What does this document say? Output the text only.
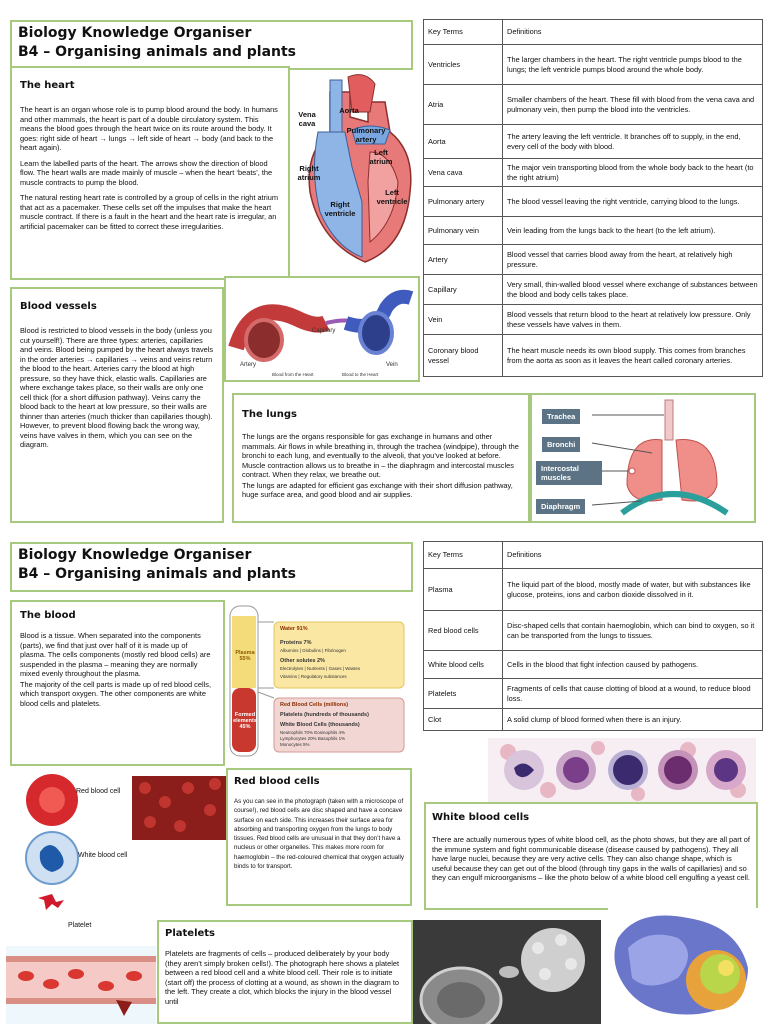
Biology Knowledge Organiser
B4 – Organising animals and plants
The heart

The heart is an organ whose role is to pump blood around the body. In humans and other mammals, the heart is part of a double circulatory system. This means the blood goes through the heart twice on its route around the body. It goes: right side of heart → lungs → left side of heart → body (and back to the heart again).

Learn the labelled parts of the heart. The arrows show the direction of blood flow. The heart walls are made mainly of muscle – when the heart ‘beats’, the muscle contracts to pump the blood.

The natural resting heart rate is controlled by a group of cells in the right atrium that act as a pacemaker. These cells set off the impulses that make the heart muscle contract. If there is a fault in the heart and the heart rate is irregular, an artificial pacemaker can be fitted to correct these irregularities.

Vena cava
Aorta
Pulmonary artery
Left atrium
Right atrium
Left ventricle
Right ventricle
Key Terms	Definitions
Ventricles	The larger chambers in the heart. The right ventricle pumps blood to the lungs; the left ventricle pumps blood around the whole body.
Atria	Smaller chambers of the heart. These fill with blood from the vena cava and pulmonary vein, then pump the blood into the ventricles.
Aorta	The artery leaving the left ventricle. It branches off to supply, in the end, every cell of the body with blood.
Vena cava	The major vein transporting blood from the whole body back to the heart (to the right atrium)
Pulmonary artery	The blood vessel leaving the right ventricle, carrying blood to the lungs.
Pulmonary vein	Vein leading from the lungs back to the heart (to the left atrium).
Artery	Blood vessel that carries blood away from the heart, at relatively high pressure.
Capillary	Very small, thin-walled blood vessel where exchange of substances between the blood and body cells takes place.
Vein	Blood vessels that return blood to the heart at relatively low pressure. Only these vessels have valves in them.
Coronary blood vessel	The heart muscle needs its own blood supply. This comes from branches from the aorta as soon as it leaves the heart called coronary arteries.
Blood vessels

Blood is restricted to blood vessels in the body (unless you cut yourself!). There are three types: arteries, capillaries and veins. Blood being pumped by the heart always travels in the order arteries → capillaries → veins and veins return the blood to the heart. Arteries carry the blood at high pressure, so they have thick, elastic walls. Capillaries are where exchange takes place, so their walls are only one cell thick (for a short diffusion pathway). Veins carry the blood back to the heart at low pressure, so their walls are thinner than arteries (much thicker than capillaries though). However, to prevent blood flowing back the wrong way, veins have valves in them, which you can see on the diagram.

Capillary
Artery	Vein
Blood from the Heart	Blood to the Heart
The lungs

The lungs are the organs responsible for gas exchange in humans and other mammals. Air flows in while breathing in, through the trachea (windpipe), through the bronchi to each lung, and eventually to the alveoli, that you’ve looked at before. Muscle contraction allows us to breathe in – the diaphragm and intercostal muscles contract. When they relax, we breathe out.

The lungs are adapted for efficient gas exchange with their short diffusion pathway, huge surface area, and good blood and air supplies.

Trachea
Bronchi
Intercostal muscles
Diaphragm
Biology Knowledge Organiser
B4 – Organising animals and plants
The blood

Blood is a tissue. When separated into the components (parts), we find that just over half of it is made up of plasma. The cells components (mostly red blood cells) are suspended in the plasma – meaning they are normally mixed evenly throughout the plasma.

The majority of the cell parts is made up of red blood cells, which transport oxygen. The other components are white blood cells and platelets.

Plasma 55%
Formed elements 45%
Water 91%
Proteins 7%
Albumins | Globulins | Fibrinogen
Other solutes 2%
Electrolytes | Nutrients | Gases | Wastes
Vitamins | Regulatory substances
Red Blood Cells (millions)
Platelets (hundreds of thousands)
White Blood Cells (thousands)
Neutrophils 70% Eosinophils 4%
Lymphocytes 20% Basophils 1%
Monocytes 5%
Key Terms	Definitions
Plasma	The liquid part of the blood, mostly made of water, but with substances like glucose, proteins, ions and carbon dioxide dissolved in it.
Red blood cells	Disc-shaped cells that contain haemoglobin, which can bind to oxygen, so it can be transported from the lungs to tissues.
White blood cells	Cells in the blood that fight infection caused by pathogens.
Platelets	Fragments of cells that cause clotting of blood at a wound, to reduce blood loss.
Clot	A solid clump of blood formed when there is an injury.
Red blood cell
White blood cell
Platelet
Red blood cells

As you can see in the photograph (taken with a microscope of course!), red blood cells are disc shaped and have a concave surface on each side. This increases their surface area for absorbing and transporting oxygen from the lungs to body tissues. Red blood cells are unusual in that they don’t have a nucleus or other organelles. This makes more room for haemoglobin – the red-coloured chemical that oxygen actually binds to for transport.

White blood cells

There are actually numerous types of white blood cell, as the photo shows, but they are all part of the immune system and fight communicable disease (disease caused by pathogens). They all have large nuclei, because they are very active cells. They can also change shape, which is useful because they can get out of the blood (through tiny gaps in the walls of capillaries) and so they can engulf microorganisms – like the photo below of a white blood cell engulfing a yeast cell.

Platelets

Platelets are fragments of cells – produced deliberately by your body (they aren’t simply broken cells!). The photograph here shows a platelet between a red blood cell and a white blood cell. Their role is to initiate (start off) the process of clotting at a wound, as shown in the diagram to the left. They create a clot, which blocks the injury in the blood vessel until
